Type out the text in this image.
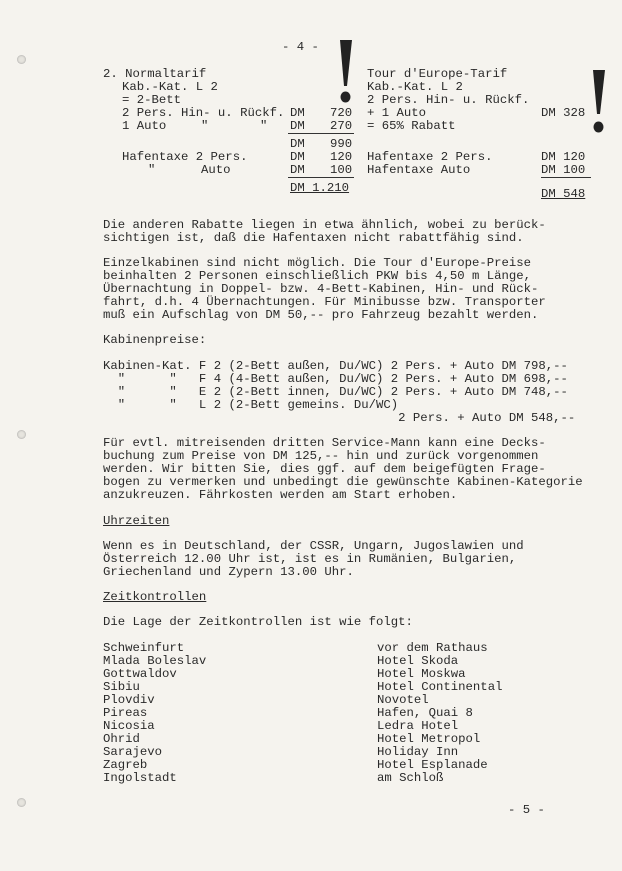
- 4 -
2. Normaltarif
Kab.-Kat. L 2
= 2-Bett
2 Pers. Hin- u. Rückf. DM 720
1 Auto	"	" DM 270
DM 990
Hafentaxe 2 Pers.	DM 120
"	Auto	DM 100
DM 1.210
Tour d'Europe-Tarif
Kab.-Kat. L 2
2 Pers. Hin- u. Rückf.
+ 1 Auto	DM 328
= 65% Rabatt
Hafentaxe 2 Pers.	DM 120
Hafentaxe Auto	DM 100
DM 548
Die anderen Rabatte liegen in etwa ähnlich, wobei zu berück-
sichtigen ist, daß die Hafentaxen nicht rabattfähig sind.
Einzelkabinen sind nicht möglich. Die Tour d'Europe-Preise
beinhalten 2 Personen einschließlich PKW bis 4,50 m Länge,
Übernachtung in Doppel- bzw. 4-Bett-Kabinen, Hin- und Rück-
fahrt, d.h. 4 Übernachtungen. Für Minibusse bzw. Transporter
muß ein Aufschlag von DM 50,-- pro Fahrzeug bezahlt werden.
Kabinenpreise:
Kabinen-Kat. F 2 (2-Bett außen, Du/WC) 2 Pers. + Auto DM 798,--
"      "   F 4 (4-Bett außen, Du/WC) 2 Pers. + Auto DM 698,--
"      "   E 2 (2-Bett innen, Du/WC) 2 Pers. + Auto DM 748,--
"      "   L 2 (2-Bett gemeins. Du/WC)
2 Pers. + Auto DM 548,--
Für evtl. mitreisenden dritten Service-Mann kann eine Decks-
buchung zum Preise von DM 125,-- hin und zurück vorgenommen
werden. Wir bitten Sie, dies ggf. auf dem beigefügten Frage-
bogen zu vermerken und unbedingt die gewünschte Kabinen-Kategorie
anzukreuzen. Fährkosten werden am Start erhoben.
Uhrzeiten
Wenn es in Deutschland, der CSSR, Ungarn, Jugoslawien und
Österreich 12.00 Uhr ist, ist es in Rumänien, Bulgarien,
Griechenland und Zypern 13.00 Uhr.
Zeitkontrollen
Die Lage der Zeitkontrollen ist wie folgt:
Schweinfurt	vor dem Rathaus
Mlada Boleslav	Hotel Skoda
Gottwaldov	Hotel Moskwa
Sibiu	Hotel Continental
Plovdiv	Novotel
Pireas	Hafen, Quai 8
Nicosia	Ledra Hotel
Ohrid	Hotel Metropol
Sarajevo	Holiday Inn
Zagreb	Hotel Esplanade
Ingolstadt	am Schloß
- 5 -
